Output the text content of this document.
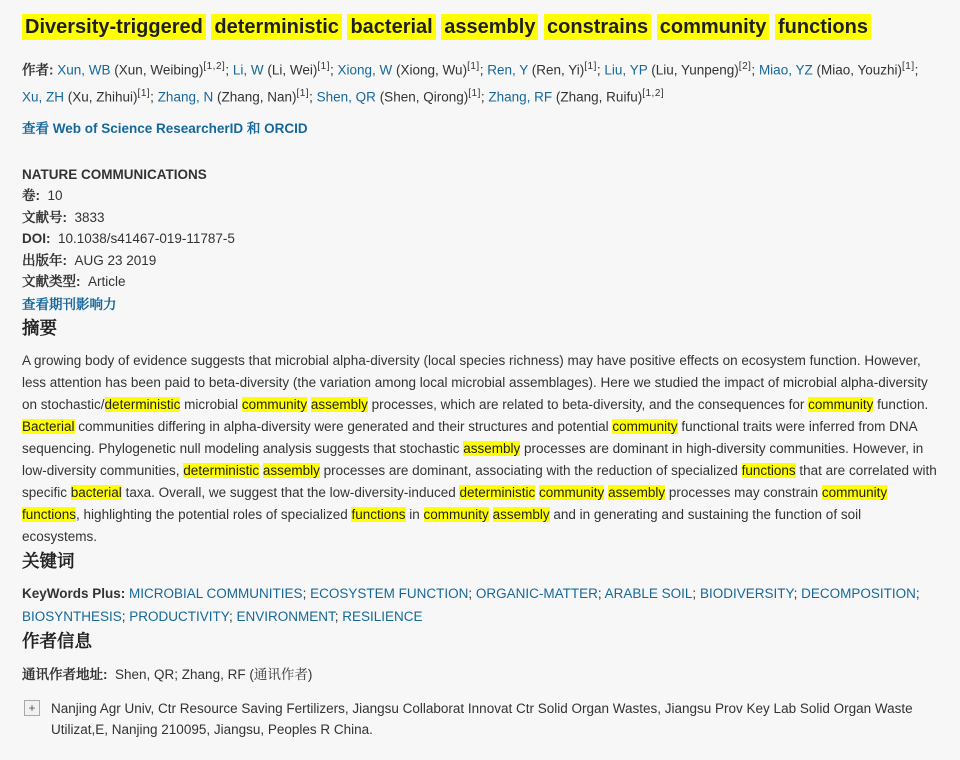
Diversity-triggered deterministic bacterial assembly constrains community functions

作者: Xun, WB (Xun, Weibing)[1,2]; Li, W (Li, Wei)[1]; Xiong, W (Xiong, Wu)[1]; Ren, Y (Ren, Yi)[1]; Liu, YP (Liu, Yunpeng)[2]; Miao, YZ (Miao, Youzhi)[1]; Xu, ZH (Xu, Zhihui)[1]; Zhang, N (Zhang, Nan)[1]; Shen, QR (Shen, Qirong)[1]; Zhang, RF (Zhang, Ruifu)[1,2]

查看 Web of Science ResearcherID 和 ORCID
NATURE COMMUNICATIONS
卷:  10
文献号:  3833
DOI:  10.1038/s41467-019-11787-5
出版年:  AUG 23 2019
文献类型:  Article
查看期刊影响力
摘要

A growing body of evidence suggests that microbial alpha-diversity (local species richness) may have positive effects on ecosystem function. However, less attention has been paid to beta-diversity (the variation among local microbial assemblages). Here we studied the impact of microbial alpha-diversity on stochastic/deterministic microbial community assembly processes, which are related to beta-diversity, and the consequences for community function. Bacterial communities differing in alpha-diversity were generated and their structures and potential community functional traits were inferred from DNA sequencing. Phylogenetic null modeling analysis suggests that stochastic assembly processes are dominant in high-diversity communities. However, in low-diversity communities, deterministic assembly processes are dominant, associating with the reduction of specialized functions that are correlated with specific bacterial taxa. Overall, we suggest that the low-diversity-induced deterministic community assembly processes may constrain community functions, highlighting the potential roles of specialized functions in community assembly and in generating and sustaining the function of soil ecosystems.

关键词

KeyWords Plus: MICROBIAL COMMUNITIES; ECOSYSTEM FUNCTION; ORGANIC-MATTER; ARABLE SOIL; BIODIVERSITY; DECOMPOSITION; BIOSYNTHESIS; PRODUCTIVITY; ENVIRONMENT; RESILIENCE

作者信息

通讯作者地址: Shen, QR; Zhang, RF (通讯作者)

+	Nanjing Agr Univ, Ctr Resource Saving Fertilizers, Jiangsu Collaborat Innovat Ctr Solid Organ Wastes, Jiangsu Prov Key Lab Solid Organ Waste Utilizat,E, Nanjing 210095, Jiangsu, Peoples R China.
